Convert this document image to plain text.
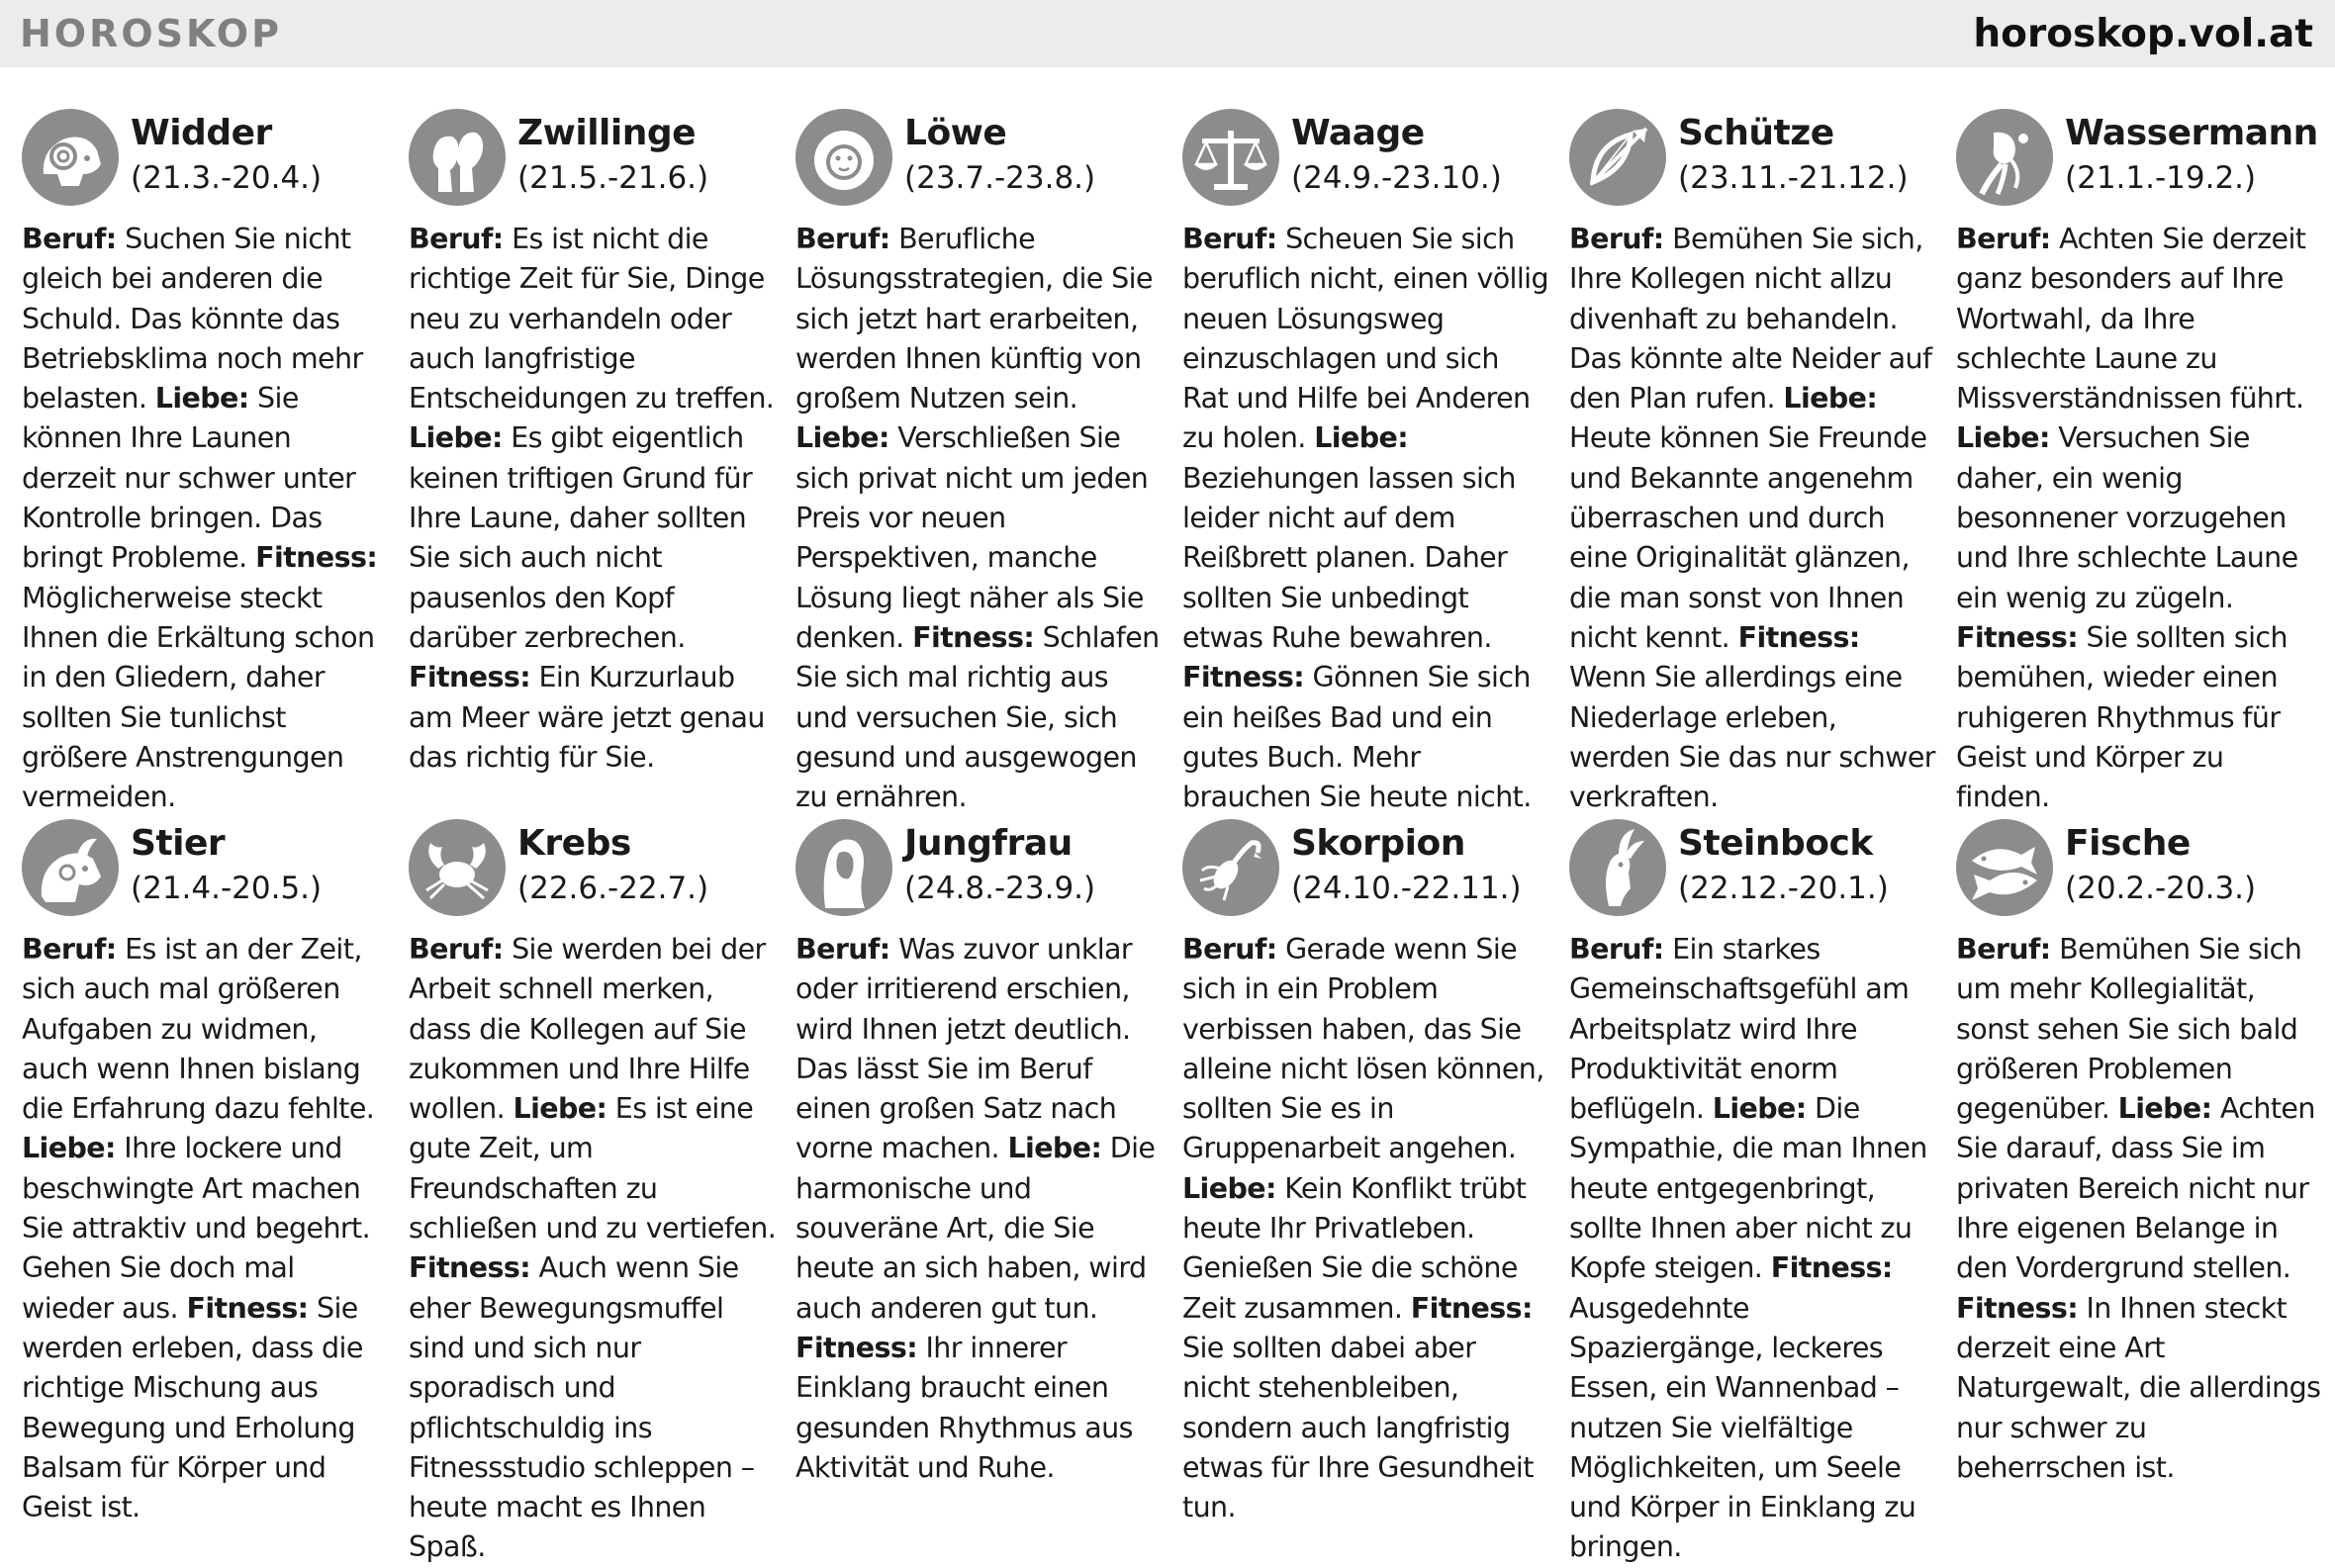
HOROSKOP	horoskop.vol.at
Widder
(21.3.-20.4.)
Beruf: Suchen Sie nicht gleich bei anderen die Schuld. Das könnte das Betriebsklima noch mehr belasten. Liebe: Sie können Ihre Launen derzeit nur schwer unter Kontrolle bringen. Das bringt Probleme. Fitness: Möglicherweise steckt Ihnen die Erkältung schon in den Gliedern, daher sollten Sie tunlichst größere Anstrengungen vermeiden.
Zwillinge
(21.5.-21.6.)
Beruf: Es ist nicht die richtige Zeit für Sie, Dinge neu zu verhandeln oder auch langfristige Entscheidungen zu treffen. Liebe: Es gibt eigentlich keinen triftigen Grund für Ihre Laune, daher sollten Sie sich auch nicht pausenlos den Kopf darüber zerbrechen. Fitness: Ein Kurzurlaub am Meer wäre jetzt genau das richtig für Sie.
Löwe
(23.7.-23.8.)
Beruf: Berufliche Lösungsstrategien, die Sie sich jetzt hart erarbeiten, werden Ihnen künftig von großem Nutzen sein. Liebe: Verschließen Sie sich privat nicht um jeden Preis vor neuen Perspektiven, manche Lösung liegt näher als Sie denken. Fitness: Schlafen Sie sich mal richtig aus und versuchen Sie, sich gesund und ausgewogen zu ernähren.
Waage
(24.9.-23.10.)
Beruf: Scheuen Sie sich beruflich nicht, einen völlig neuen Lösungsweg einzuschlagen und sich Rat und Hilfe bei Anderen zu holen. Liebe: Beziehungen lassen sich leider nicht auf dem Reißbrett planen. Daher sollten Sie unbedingt etwas Ruhe bewahren. Fitness: Gönnen Sie sich ein heißes Bad und ein gutes Buch. Mehr brauchen Sie heute nicht.
Schütze
(23.11.-21.12.)
Beruf: Bemühen Sie sich, Ihre Kollegen nicht allzu divenhaft zu behandeln. Das könnte alte Neider auf den Plan rufen. Liebe: Heute können Sie Freunde und Bekannte angenehm überraschen und durch eine Originalität glänzen, die man sonst von Ihnen nicht kennt. Fitness: Wenn Sie allerdings eine Niederlage erleben, werden Sie das nur schwer verkraften.
Wassermann
(21.1.-19.2.)
Beruf: Achten Sie derzeit ganz besonders auf Ihre Wortwahl, da Ihre schlechte Laune zu Missverständnissen führt. Liebe: Versuchen Sie daher, ein wenig besonnener vorzugehen und Ihre schlechte Laune ein wenig zu zügeln. Fitness: Sie sollten sich bemühen, wieder einen ruhigeren Rhythmus für Geist und Körper zu finden.
Stier
(21.4.-20.5.)
Beruf: Es ist an der Zeit, sich auch mal größeren Aufgaben zu widmen, auch wenn Ihnen bislang die Erfahrung dazu fehlte. Liebe: Ihre lockere und beschwingte Art machen Sie attraktiv und begehrt. Gehen Sie doch mal wieder aus. Fitness: Sie werden erleben, dass die richtige Mischung aus Bewegung und Erholung Balsam für Körper und Geist ist.
Krebs
(22.6.-22.7.)
Beruf: Sie werden bei der Arbeit schnell merken, dass die Kollegen auf Sie zukommen und Ihre Hilfe wollen. Liebe: Es ist eine gute Zeit, um Freundschaften zu schließen und zu vertiefen. Fitness: Auch wenn Sie eher Bewegungsmuffel sind und sich nur sporadisch und pflichtschuldig ins Fitnessstudio schleppen – heute macht es Ihnen Spaß.
Jungfrau
(24.8.-23.9.)
Beruf: Was zuvor unklar oder irritierend erschien, wird Ihnen jetzt deutlich. Das lässt Sie im Beruf einen großen Satz nach vorne machen. Liebe: Die harmonische und souveräne Art, die Sie heute an sich haben, wird auch anderen gut tun. Fitness: Ihr innerer Einklang braucht einen gesunden Rhythmus aus Aktivität und Ruhe.
Skorpion
(24.10.-22.11.)
Beruf: Gerade wenn Sie sich in ein Problem verbissen haben, das Sie alleine nicht lösen können, sollten Sie es in Gruppenarbeit angehen. Liebe: Kein Konflikt trübt heute Ihr Privatleben. Genießen Sie die schöne Zeit zusammen. Fitness: Sie sollten dabei aber nicht stehenbleiben, sondern auch langfristig etwas für Ihre Gesundheit tun.
Steinbock
(22.12.-20.1.)
Beruf: Ein starkes Gemeinschaftsgefühl am Arbeitsplatz wird Ihre Produktivität enorm beflügeln. Liebe: Die Sympathie, die man Ihnen heute entgegenbringt, sollte Ihnen aber nicht zu Kopfe steigen. Fitness: Ausgedehnte Spaziergänge, leckeres Essen, ein Wannenbad – nutzen Sie vielfältige Möglichkeiten, um Seele und Körper in Einklang zu bringen.
Fische
(20.2.-20.3.)
Beruf: Bemühen Sie sich um mehr Kollegialität, sonst sehen Sie sich bald größeren Problemen gegenüber. Liebe: Achten Sie darauf, dass Sie im privaten Bereich nicht nur Ihre eigenen Belange in den Vordergrund stellen. Fitness: In Ihnen steckt derzeit eine Art Naturgewalt, die allerdings nur schwer zu beherrschen ist.
